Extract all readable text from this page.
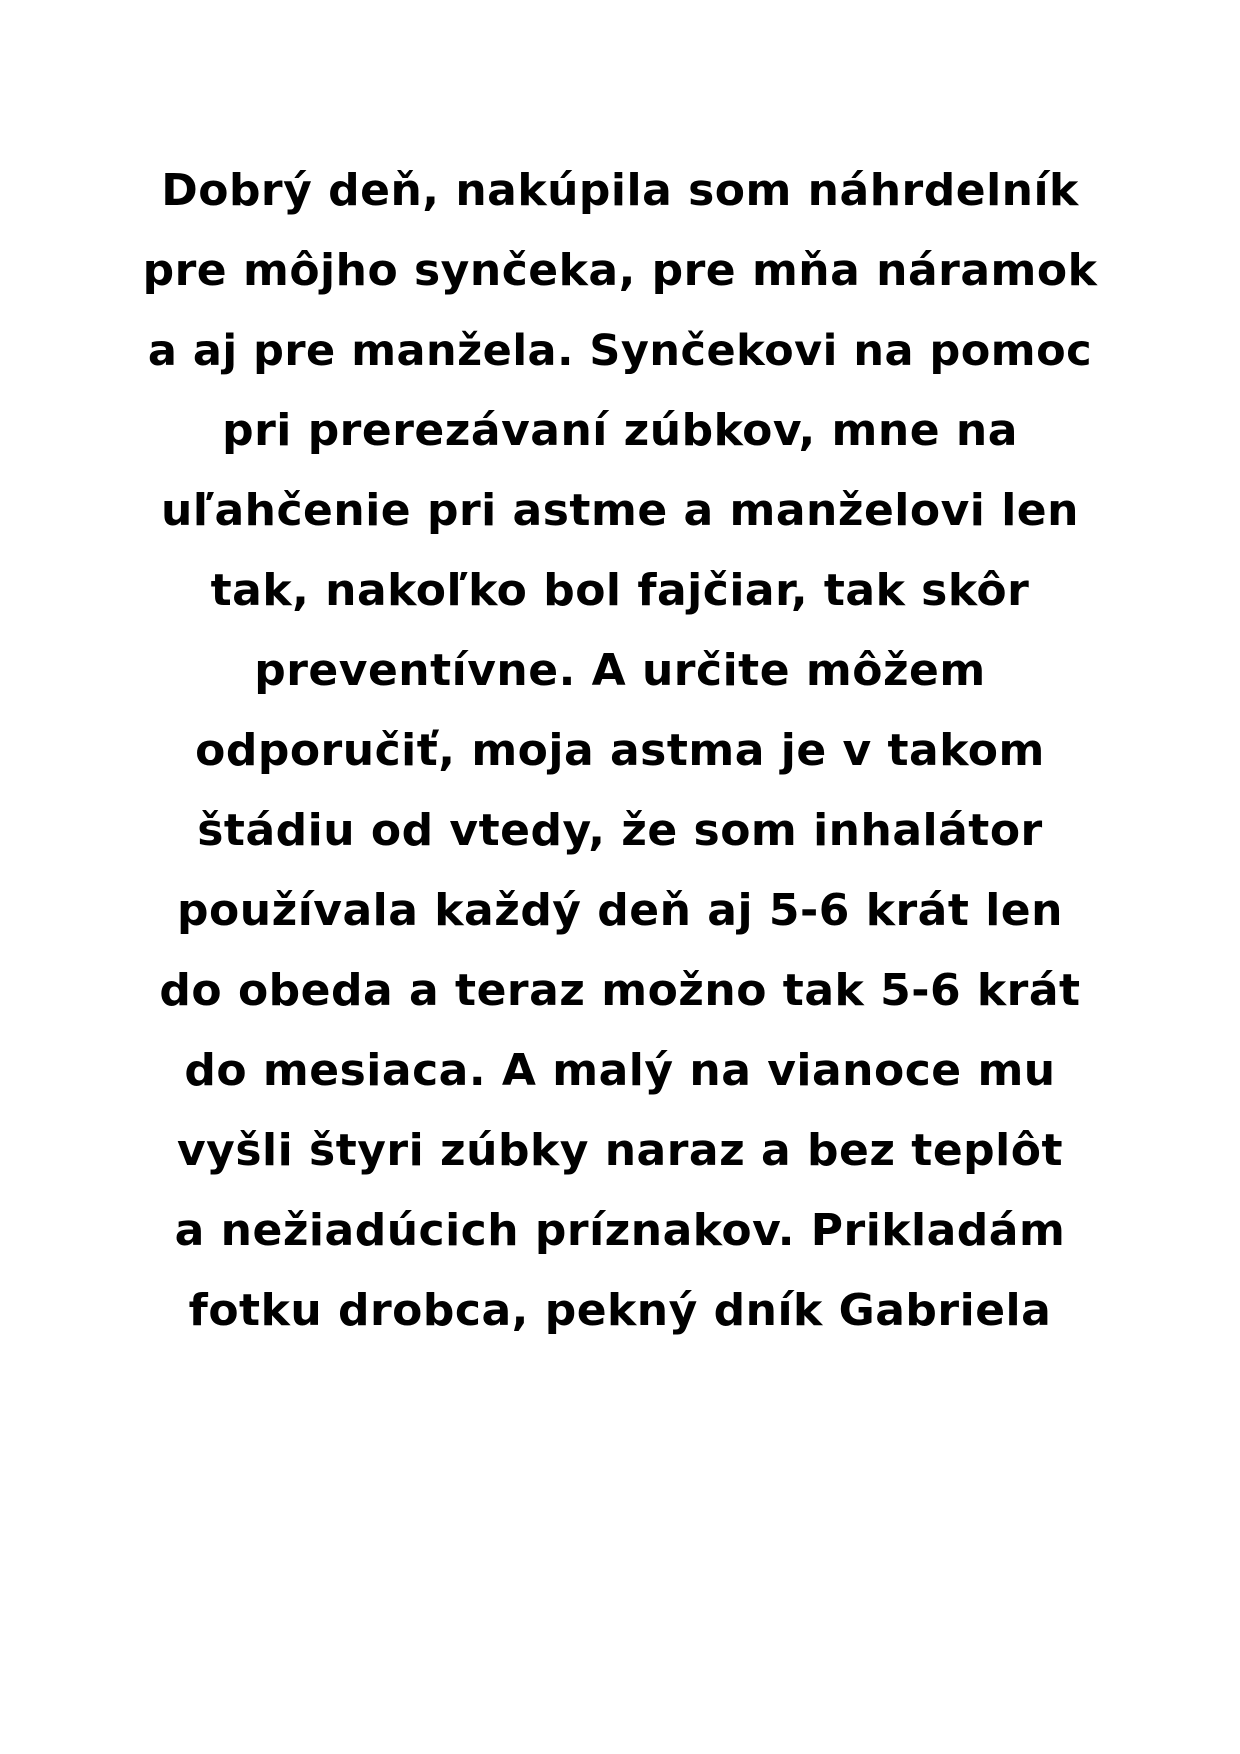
Dobrý deň, nakúpila som náhrdelník
pre môjho synčeka, pre mňa náramok
a aj pre manžela. Synčekovi na pomoc
pri prerezávaní zúbkov, mne na
uľahčenie pri astme a manželovi len
tak, nakoľko bol fajčiar, tak skôr
preventívne. A určite môžem
odporučiť, moja astma je v takom
štádiu od vtedy, že som inhalátor
používala každý deň aj 5-6 krát len
do obeda a teraz možno tak 5-6 krát
do mesiaca. A malý na vianoce mu
vyšli štyri zúbky naraz a bez teplôt
a nežiadúcich príznakov. Prikladám
fotku drobca, pekný dník Gabriela
